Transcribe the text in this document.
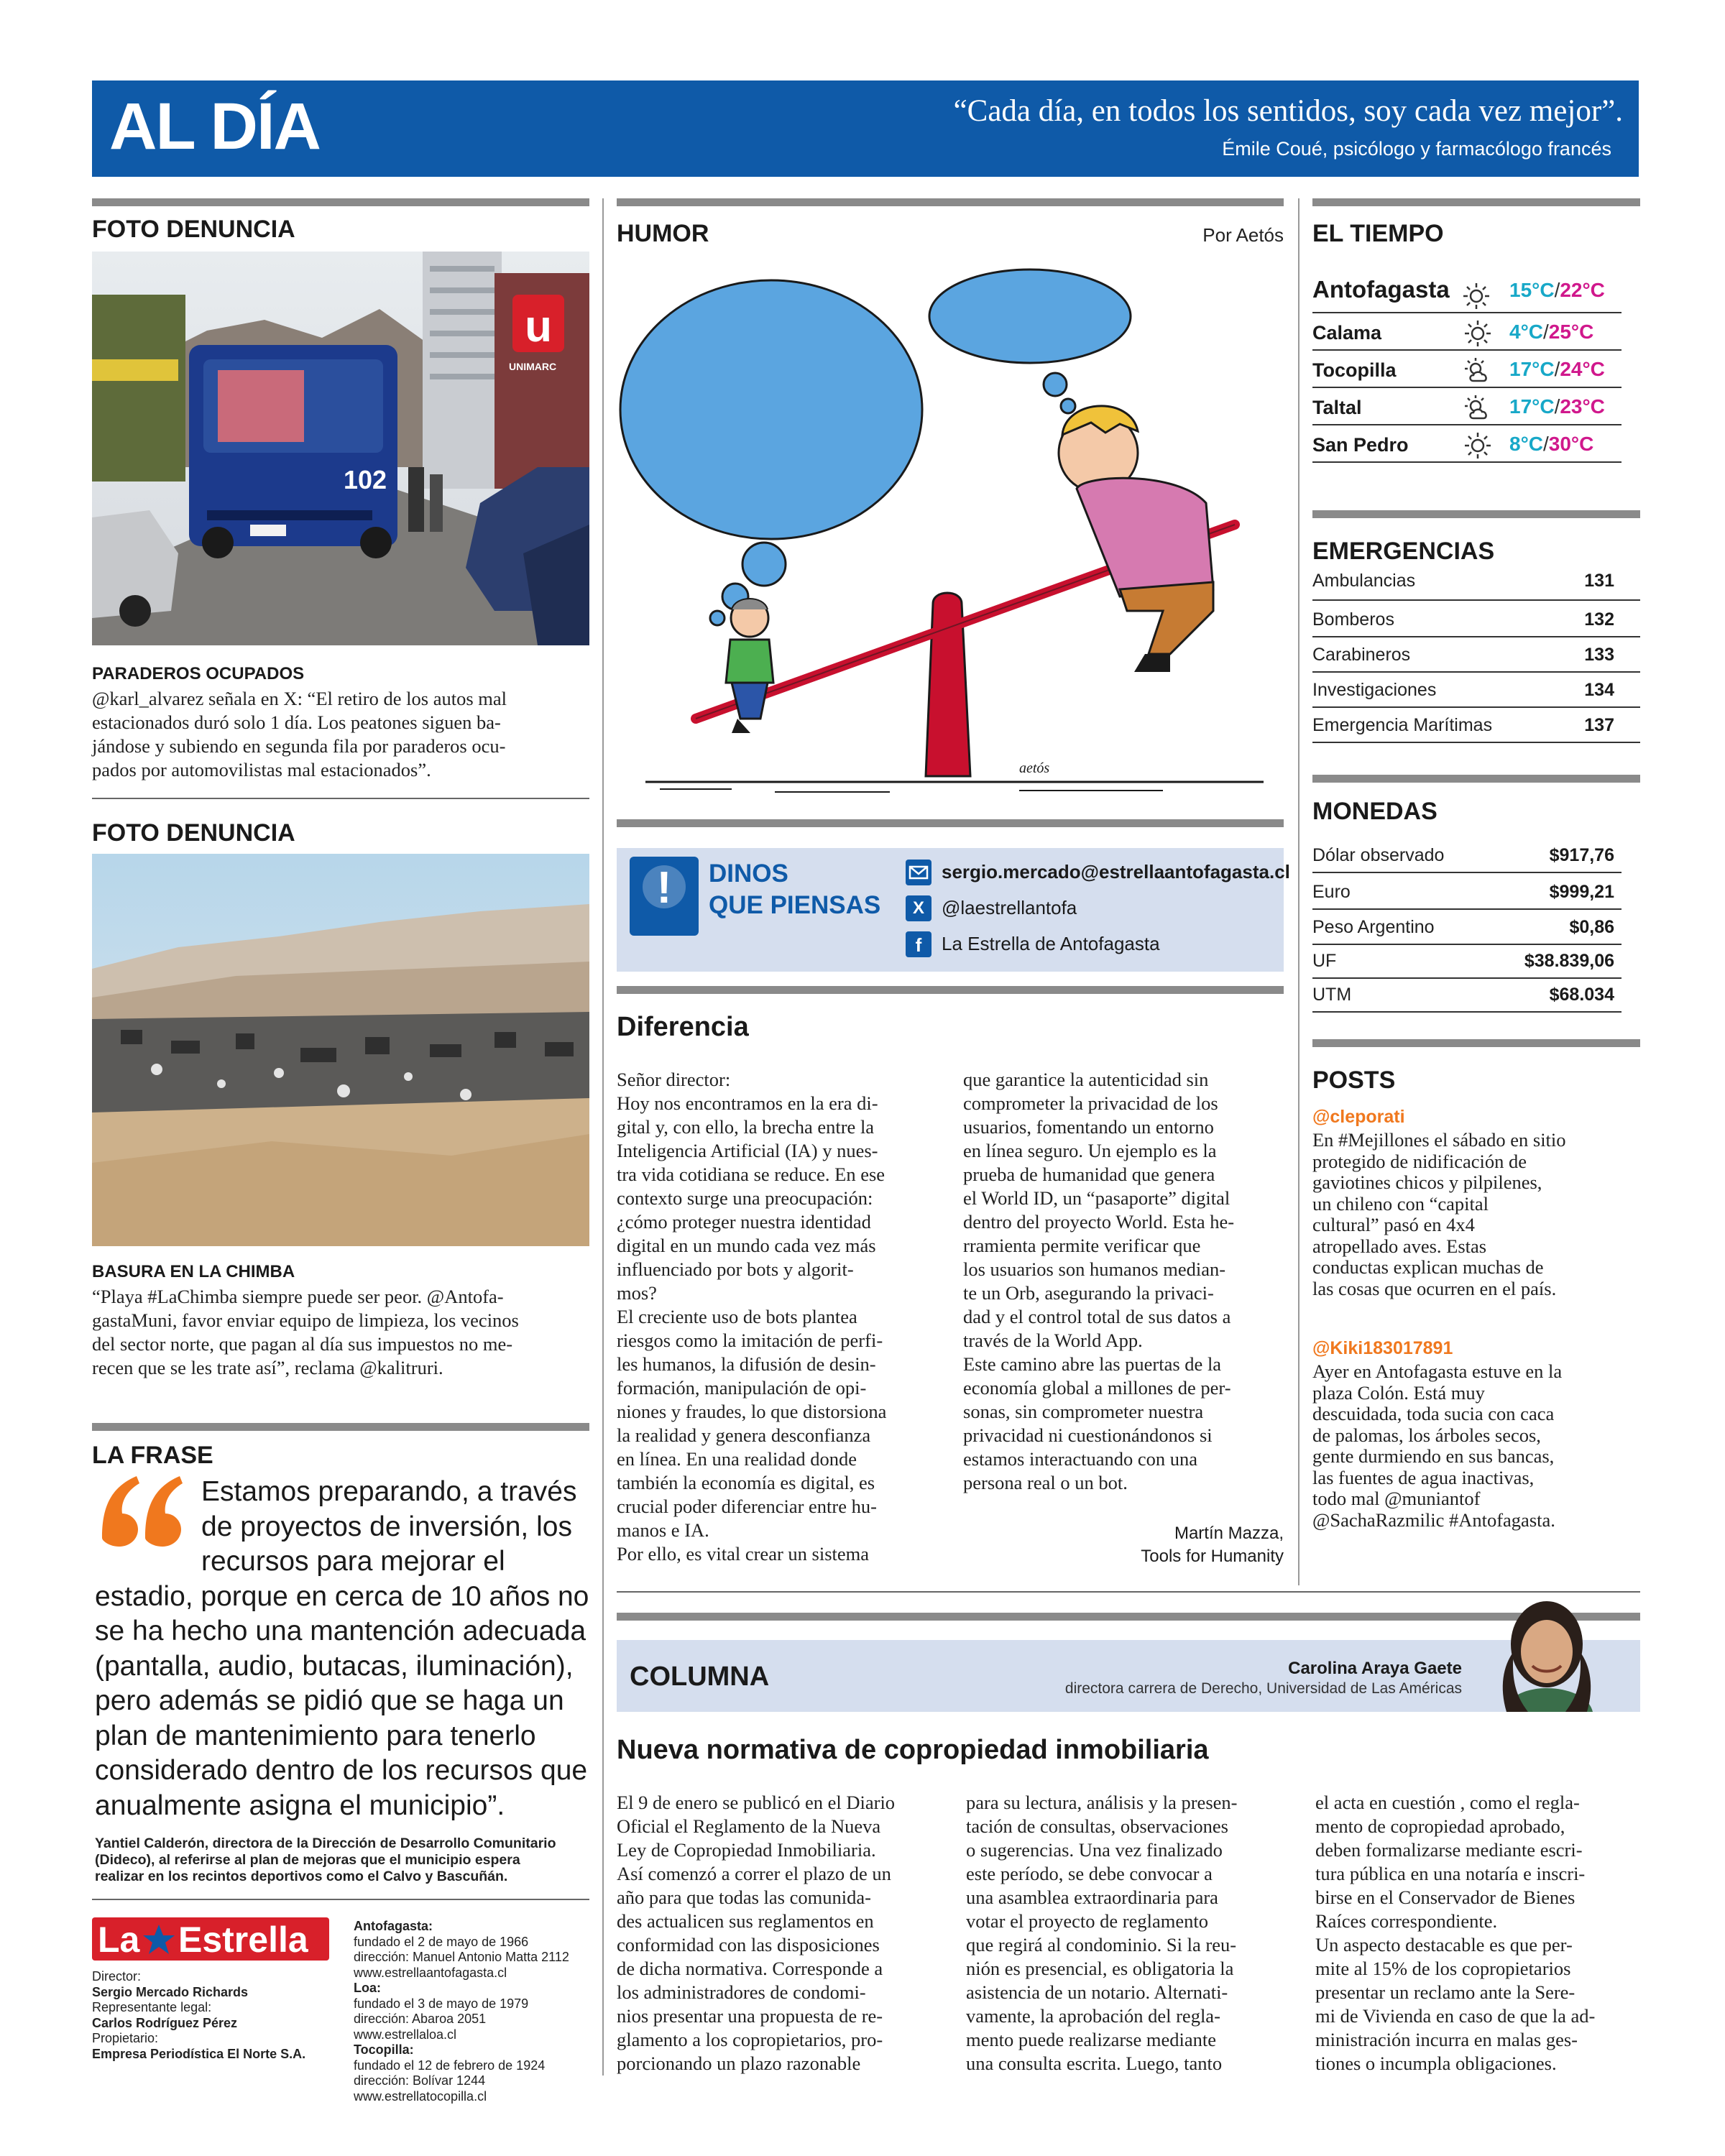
AL DÍA	“Cada día, en todos los sentidos, soy cada vez mejor”.
Émile Coué, psicólogo y farmacólogo francés
FOTO DENUNCIA
u
UNIMARC
102
PARADEROS OCUPADOS
@karl_alvarez señala en X: “El retiro de los autos mal
estacionados duró solo 1 día. Los peatones siguen ba-
jándose y subiendo en segunda fila por paraderos ocu-
pados por automovilistas mal estacionados”.
FOTO DENUNCIA
BASURA EN LA CHIMBA
“Playa #LaChimba siempre puede ser peor. @Antofa-
gastaMuni, favor enviar equipo de limpieza, los vecinos
del sector norte, que pagan al día sus impuestos no me-
recen que se les trate así”, reclama @kalitruri.
LA FRASE
Estamos preparando, a través
de proyectos de inversión, los
recursos para mejorar el
estadio, porque en cerca de 10 años no
se ha hecho una mantención adecuada
(pantalla, audio, butacas, iluminación),
pero además se pidió que se haga un
plan de mantenimiento para tenerlo
considerado dentro de los recursos que
anualmente asigna el municipio”.
Yantiel Calderón, directora de la Dirección de Desarrollo Comunitario
(Dideco), al referirse al plan de mejoras que el municipio espera
realizar en los recintos deportivos como el Calvo y Bascuñán.
La Estrella
Director:
Sergio Mercado Richards
Representante legal:
Carlos Rodríguez Pérez
Propietario:
Empresa Periodística El Norte S.A.
Antofagasta:
fundado el 2 de mayo de 1966
dirección: Manuel Antonio Matta 2112
www.estrellaantofagasta.cl
Loa:
fundado el 3 de mayo de 1979
dirección: Abaroa 2051
www.estrellaloa.cl
Tocopilla:
fundado el 12 de febrero de 1924
dirección: Bolívar 1244
www.estrellatocopilla.cl
HUMOR	Por Aetós
aetós
!	DINOS
QUE PIENSAS
sergio.mercado@estrellaantofagasta.cl
X @laestrellantofa
f	La Estrella de Antofagasta
Diferencia
Señor director:
Hoy nos encontramos en la era di-
gital y, con ello, la brecha entre la
Inteligencia Artificial (IA) y nues-
tra vida cotidiana se reduce. En ese
contexto surge una preocupación:
¿cómo proteger nuestra identidad
digital en un mundo cada vez más
influenciado por bots y algorit-
mos?
El creciente uso de bots plantea
riesgos como la imitación de perfi-
les humanos, la difusión de desin-
formación, manipulación de opi-
niones y fraudes, lo que distorsiona
la realidad y genera desconfianza
en línea. En una realidad donde
también la economía es digital, es
crucial poder diferenciar entre hu-
manos e IA.
Por ello, es vital crear un sistema
que garantice la autenticidad sin
comprometer la privacidad de los
usuarios, fomentando un entorno
en línea seguro. Un ejemplo es la
prueba de humanidad que genera
el World ID, un “pasaporte” digital
dentro del proyecto World. Esta he-
rramienta permite verificar que
los usuarios son humanos median-
te un Orb, asegurando la privaci-
dad y el control total de sus datos a
través de la World App.
Este camino abre las puertas de la
economía global a millones de per-
sonas, sin comprometer nuestra
privacidad ni cuestionándonos si
estamos interactuando con una
persona real o un bot.
Martín Mazza,
Tools for Humanity
EL TIEMPO
Antofagasta	15°C/22°C
Calama	4°C/25°C
Tocopilla	17°C/24°C
Taltal	17°C/23°C
San Pedro	8°C/30°C
EMERGENCIAS
Ambulancias	131
Bomberos	132
Carabineros	133
Investigaciones	134
Emergencia Marítimas	137
MONEDAS
Dólar observado	$917,76
Euro	$999,21
Peso Argentino	$0,86
UF	$38.839,06
UTM	$68.034
POSTS
@cleporati
En #Mejillones el sábado en sitio
protegido de nidificación de
gaviotines chicos y pilpilenes,
un chileno con “capital
cultural” pasó en 4x4
atropellado aves. Estas
conductas explican muchas de
las cosas que ocurren en el país.
@Kiki183017891
Ayer en Antofagasta estuve en la
plaza Colón. Está muy
descuidada, toda sucia con caca
de palomas, los árboles secos,
gente durmiendo en sus bancas,
las fuentes de agua inactivas,
todo mal @muniantof
@SachaRazmilic #Antofagasta.
COLUMNA	Carolina Araya Gaete
directora carrera de Derecho, Universidad de Las Américas
Nueva normativa de copropiedad inmobiliaria
El 9 de enero se publicó en el Diario
Oficial el Reglamento de la Nueva
Ley de Copropiedad Inmobiliaria.
Así comenzó a correr el plazo de un
año para que todas las comunida-
des actualicen sus reglamentos en
conformidad con las disposiciones
de dicha normativa. Corresponde a
los administradores de condomi-
nios presentar una propuesta de re-
glamento a los copropietarios, pro-
porcionando un plazo razonable
para su lectura, análisis y la presen-
tación de consultas, observaciones
o sugerencias. Una vez finalizado
este período, se debe convocar a
una asamblea extraordinaria para
votar el proyecto de reglamento
que regirá al condominio. Si la reu-
nión es presencial, es obligatoria la
asistencia de un notario. Alternati-
vamente, la aprobación del regla-
mento puede realizarse mediante
una consulta escrita. Luego, tanto
el acta en cuestión , como el regla-
mento de copropiedad aprobado,
deben formalizarse mediante escri-
tura pública en una notaría e inscri-
birse en el Conservador de Bienes
Raíces correspondiente.
Un aspecto destacable es que per-
mite al 15% de los copropietarios
presentar un reclamo ante la Sere-
mi de Vivienda en caso de que la ad-
ministración incurra en malas ges-
tiones o incumpla obligaciones.
